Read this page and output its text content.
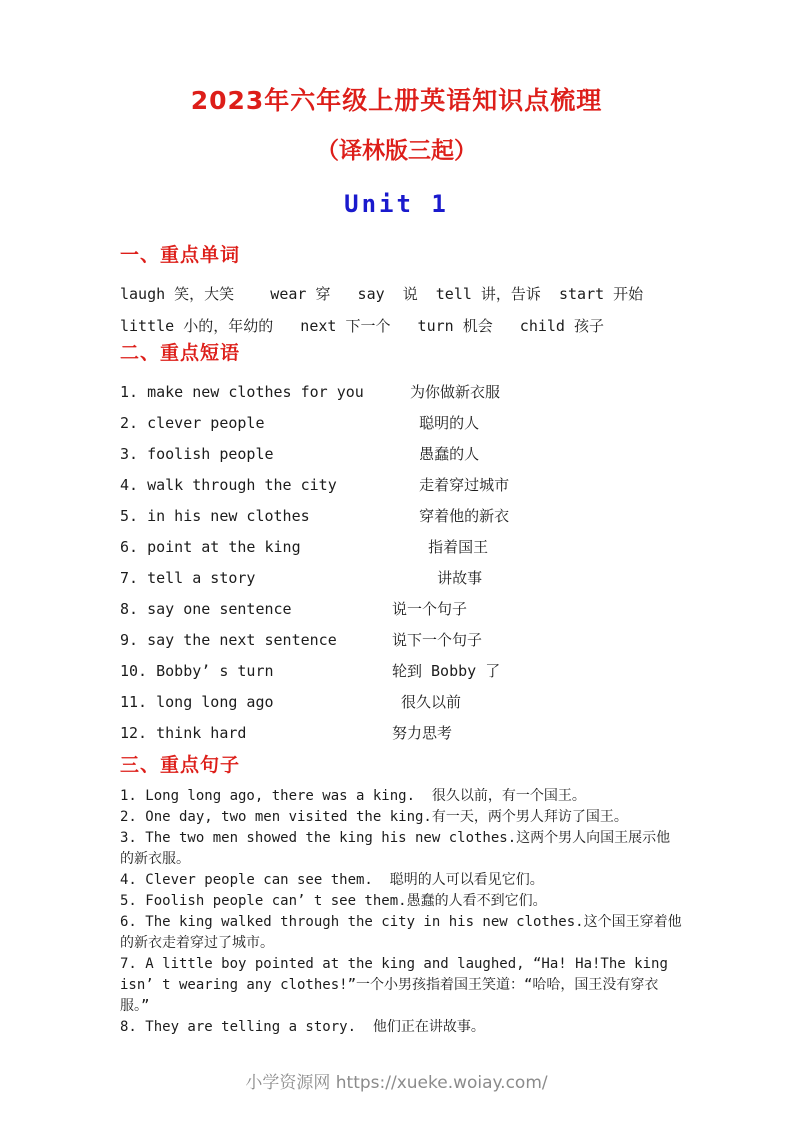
2023年六年级上册英语知识点梳理
（译林版三起）
Unit 1
一、重点单词
laugh 笑，大笑    wear 穿   say  说  tell 讲，告诉  start 开始
little 小的，年幼的   next 下一个   turn 机会   child 孩子
二、重点短语
1. make new clothes for you	为你做新衣服
2. clever people	聪明的人
3. foolish people	愚蠢的人
4. walk through the city	走着穿过城市
5. in his new clothes	穿着他的新衣
6. point at the king	指着国王
7. tell a story	讲故事
8. say one sentence	说一个句子
9. say the next sentence	说下一个句子
10. Bobby’ s turn	轮到 Bobby 了
11. long long ago	很久以前
12. think hard	努力思考
三、重点句子
1. Long long ago, there was a king.  很久以前，有一个国王。
2. One day, two men visited the king.有一天，两个男人拜访了国王。
3. The two men showed the king his new clothes.这两个男人向国王展示他的新衣服。
4. Clever people can see them.  聪明的人可以看见它们。
5. Foolish people can’ t see them.愚蠢的人看不到它们。
6. The king walked through the city in his new clothes.这个国王穿着他的新衣走着穿过了城市。
7. A little boy pointed at the king and laughed, “Ha! Ha!The king isn’ t wearing any clothes!”一个小男孩指着国王笑道：“哈哈，国王没有穿衣服。”
8. They are telling a story.  他们正在讲故事。
小学资源网 https://xueke.woiay.com/
